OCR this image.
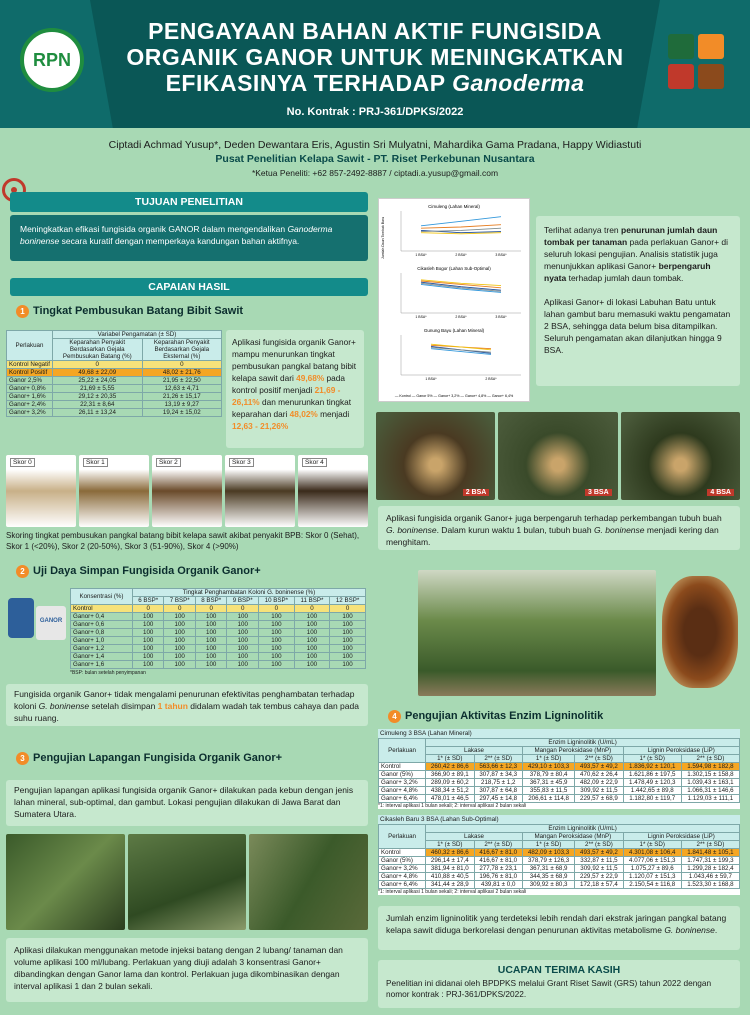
PENGAYAAN BAHAN AKTIF FUNGISIDA
ORGANIK GANOR UNTUK MENINGKATKAN
EFIKASINYA TERHADAP Ganoderma
No. Kontrak : PRJ-361/DPKS/2022
RPN
Ciptadi Achmad Yusup*, Deden Dewantara Eris, Agustin Sri Mulyatni, Mahardika Gama Pradana, Happy Widiastuti
Pusat Penelitian Kelapa Sawit - PT. Riset Perkebunan Nusantara
*Ketua Peneliti: +62 857-2492-8887 / ciptadi.a.yusup@gmail.com
TUJUAN PENELITIAN
Meningkatkan efikasi fungisida organik GANOR dalam mengendalikan Ganoderma boninense secara kuratif dengan memperkaya kandungan bahan aktifnya.
CAPAIAN HASIL
1 Tingkat Pembusukan Batang Bibit Sawit
Perlakuan	Variabel Pengamatan (± SD)	
	Keparahan Penyakit Berdasarkan Gejala Pembusukan Batang (%)	Keparahan Penyakit Berdasarkan Gejala Eksternal (%)
Kontrol Negatif	0	0
Kontrol Positif	49,68 ± 22,09	48,02 ± 21,76
Ganor 2,5%	25,22 ± 24,05	21,95 ± 22,50
Ganor+ 0,8%	21,69 ± 5,55	12,63 ± 4,71
Ganor+ 1,6%	29,12 ± 20,35	21,26 ± 15,17
Ganor+ 2,4%	22,31 ± 8,64	13,19 ± 9,27
Ganor+ 3,2%	26,11 ± 13,24	19,24 ± 15,02
Aplikasi fungisida organik Ganor+ mampu menurunkan tingkat pembusukan pangkal batang bibit kelapa sawit dari 49,68% pada kontrol positif menjadi 21,69 - 26,11% dan menurunkan tingkat keparahan dari 48,02% menjadi 12,63 - 21,26%
Skor 0	Skor 1	Skor 2	Skor 3	Skor 4
Skoring tingkat pembusukan pangkal batang bibit kelapa sawit akibat penyakit BPB: Skor 0 (Sehat), Skor 1 (<20%), Skor 2 (20-50%), Skor 3 (51-90%), Skor 4 (>90%)
2 Uji Daya Simpan Fungisida Organik Ganor+
GANOR
Konsentrasi (%)	Tingkat Penghambatan Koloni G. boninense (%)						
	6 BSP*	7 BSP*	8 BSP*	9 BSP*	10 BSP*	11 BSP*	12 BSP*
Kontrol	0	0	0	0	0	0	0
Ganor+ 0,4	100	100	100	100	100	100	100
Ganor+ 0,6	100	100	100	100	100	100	100
Ganor+ 0,8	100	100	100	100	100	100	100
Ganor+ 1,0	100	100	100	100	100	100	100
Ganor+ 1,2	100	100	100	100	100	100	100
Ganor+ 1,4	100	100	100	100	100	100	100
Ganor+ 1,6	100	100	100	100	100	100	100
*BSP: bulan setelah penyimpanan
Fungisida organik Ganor+ tidak mengalami penurunan efektivitas penghambatan terhadap koloni G. boninense setelah disimpan 1 tahun didalam wadah tak tembus cahaya dan pada suhu ruang.
3 Pengujian Lapangan Fungisida Organik Ganor+
Pengujian lapangan aplikasi fungisida organik Ganor+ dilakukan pada kebun dengan jenis lahan mineral, sub-optimal, dan gambut. Lokasi pengujian dilakukan di Jawa Barat dan Sumatera Utara.
Aplikasi dilakukan menggunakan metode injeksi batang dengan 2 lubang/ tanaman dan volume aplikasi 100 ml/lubang. Perlakuan yang diuji adalah 3 konsentrasi Ganor+ dibandingkan dengan Ganor lama dan kontrol. Perlakuan juga dikombinasikan dengan interval aplikasi 1 dan 2 bulan sekali.
Cimuleng (Lahan Mineral)
1 BSA*	2 BSA*	3 BSA*
Cikasleh Bogor (Lahan Sub-Optimal)
1 BSA*	2 BSA*	3 BSA*
Gunung Bayu (Lahan Mineral)
1 BSA*	2 BSA*
— Kontrol — Ganor 5% — Ganor+ 3,2% — Ganor+ 4,8% — Ganor+ 6,4%
Jumlah Daun Tombak Baru	Terlihat adanya tren penurunan jumlah daun tombak per tanaman pada perlakuan Ganor+ di seluruh lokasi pengujian. Analisis statistik juga menunjukkan aplikasi Ganor+ berpengaruh nyata terhadap jumlah daun tombak.

Aplikasi Ganor+ di lokasi Labuhan Batu untuk lahan gambut baru memasuki waktu pengamatan 2 BSA, sehingga data belum bisa ditampilkan. Seluruh pengamatan akan dilanjutkan hingga 9 BSA.
2 BSA	3 BSA	4 BSA
Aplikasi fungisida organik Ganor+ juga berpengaruh terhadap perkembangan tubuh buah G. boninense. Dalam kurun waktu 1 bulan, tubuh buah G. boninense menjadi kering dan menghitam.
4 Pengujian Aktivitas Enzim Ligninolitik
Cimuleng 3 BSA (Lahan Mineral)
Perlakuan	Enzim Ligninolitik (U/mL)					
	Lakase		Mangan Peroksidase (MnP)		Lignin Peroksidase (LiP)	
	1* (± SD)	2** (± SD)	1* (± SD)	2** (± SD)	1* (± SD)	2** (± SD)
Kontrol	260,42 ± 86,6	563,66 ± 12,3	429,10 ± 103,3	493,57 ± 49,2	1.836,92 ± 120,1	1.594,98 ± 182,8
Ganor (5%)	366,90 ± 89,1	307,87 ± 34,3	378,79 ± 80,4	470,62 ± 26,4	1.621,86 ± 197,5	1.302,15 ± 158,8
Ganor+ 3,2%	289,09 ± 60,2	218,75 ± 1,2	367,31 ± 45,9	482,09 ± 22,9	1.478,49 ± 120,3	1.039,43 ± 163,1
Ganor+ 4,8%	438,34 ± 51,2	307,87 ± 64,8	355,83 ± 11,5	309,92 ± 11,5	1.442,65 ± 89,8	1.066,31 ± 146,6
Ganor+ 6,4%	478,01 ± 46,5	297,45 ± 14,8	206,61 ± 114,8	229,57 ± 68,9	1.182,80 ± 119,7	1.129,03 ± 111,1
*1: interval aplikasi 1 bulan sekali; 2: interval aplikasi 2 bulan sekali
Cikasleh Baru 3 BSA (Lahan Sub-Optimal)
Perlakuan	Enzim Ligninolitik (U/mL)					
	Lakase		Mangan Peroksidase (MnP)		Lignin Peroksidase (LiP)	
	1* (± SD)	2** (± SD)	1* (± SD)	2** (± SD)	1* (± SD)	2** (± SD)
Kontrol	460,32 ± 86,6	416,67 ± 81,0	482,09 ± 103,3	493,57 ± 49,2	4.301,08 ± 106,4	1.841,48 ± 105,1
Ganor (5%)	296,14 ± 17,4	416,67 ± 81,0	378,79 ± 126,3	332,87 ± 11,5	4.077,06 ± 151,3	1.747,31 ± 199,3
Ganor+ 3,2%	381,94 ± 81,0	277,78 ± 23,1	367,31 ± 68,9	309,92 ± 11,5	1.075,27 ± 89,6	1.299,28 ± 182,4
Ganor+ 4,8%	410,88 ± 40,5	196,76 ± 81,0	344,35 ± 68,9	229,57 ± 22,9	1.120,07 ± 151,3	1.043,46 ± 59,7
Ganor+ 6,4%	341,44 ± 28,9	439,81 ± 0,0	309,92 ± 80,3	172,18 ± 57,4	2.150,54 ± 116,8	1.523,30 ± 168,8
*1: interval aplikasi 1 bulan sekali; 2: interval aplikasi 2 bulan sekali
Jumlah enzim ligninolitik yang terdeteksi lebih rendah dari ekstrak jaringan pangkal batang kelapa sawit diduga berkorelasi dengan penurunan aktivitas metabolisme G. boninense.
UCAPAN TERIMA KASIH
Penelitian ini didanai oleh BPDPKS melalui Grant Riset Sawit (GRS) tahun 2022 dengan nomor kontrak : PRJ-361/DPKS/2022.
